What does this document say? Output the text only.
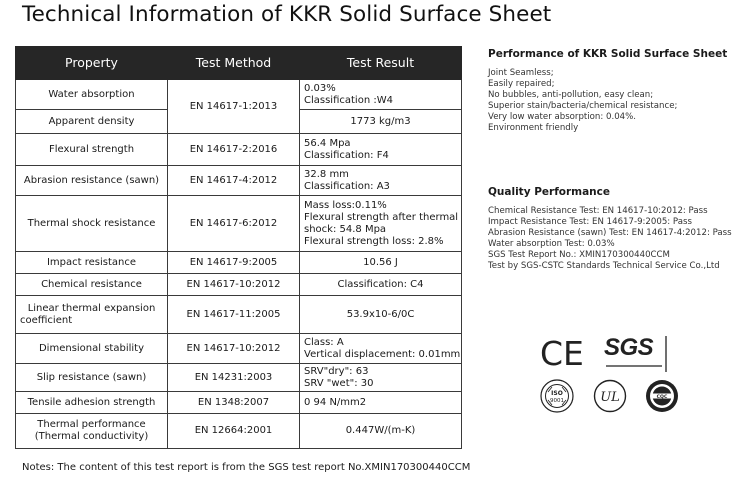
Technical Information of KKR Solid Surface Sheet
Property	Test Method	Test Result
Water absorption	EN 14617-1:2013	0.03%
Classification :W4

Apparent density		1773 kg/m3
Flexural strength	EN 14617-2:2016	56.4 Mpa
Classification: F4

Abrasion resistance (sawn)	EN 14617-4:2012	32.8 mm
Classification: A3

Thermal shock resistance	EN 14617-6:2012	Mass loss:0.11%
Flexural strength after thermal
shock: 54.8 Mpa
Flexural strength loss: 2.8%

Impact resistance	EN 14617-9:2005	10.56 J
Chemical resistance	EN 14617-10:2012	Classification: C4

Linear thermal expansion
coefficient	EN 14617-11:2005	53.9x10-6/0C
Dimensional stability	EN 14617-10:2012	Class: A
Vertical displacement: 0.01mm

Slip resistance (sawn)	EN 14231:2003	SRV"dry": 63
SRV "wet": 30

Tensile adhesion strength	EN 1348:2007	0 94 N/mm2

Thermal performance
(Thermal conductivity)	EN 12664:2001	0.447W/(m-K)
Notes: The content of this test report is from the SGS test report No.XMIN170300440CCM
Performance of KKR Solid Surface Sheet
Joint Seamless;
Easily repaired;
No bubbles, anti-pollution, easy clean;
Superior stain/bacteria/chemical resistance;
Very low water absorption: 0.04%.
Environment friendly
Quality Performance
Chemical Resistance Test: EN 14617-10:2012: Pass
Impact Resistance Test: EN 14617-9:2005: Pass
Abrasion Resistance (sawn) Test: EN 14617-4:2012: Pass
Water absorption Test: 0.03%
SGS Test Report No.: XMIN170300440CCM
Test by SGS-CSTC Standards Technical Service Co.,Ltd
CE SGS
ISO
9001	UL	CQC
